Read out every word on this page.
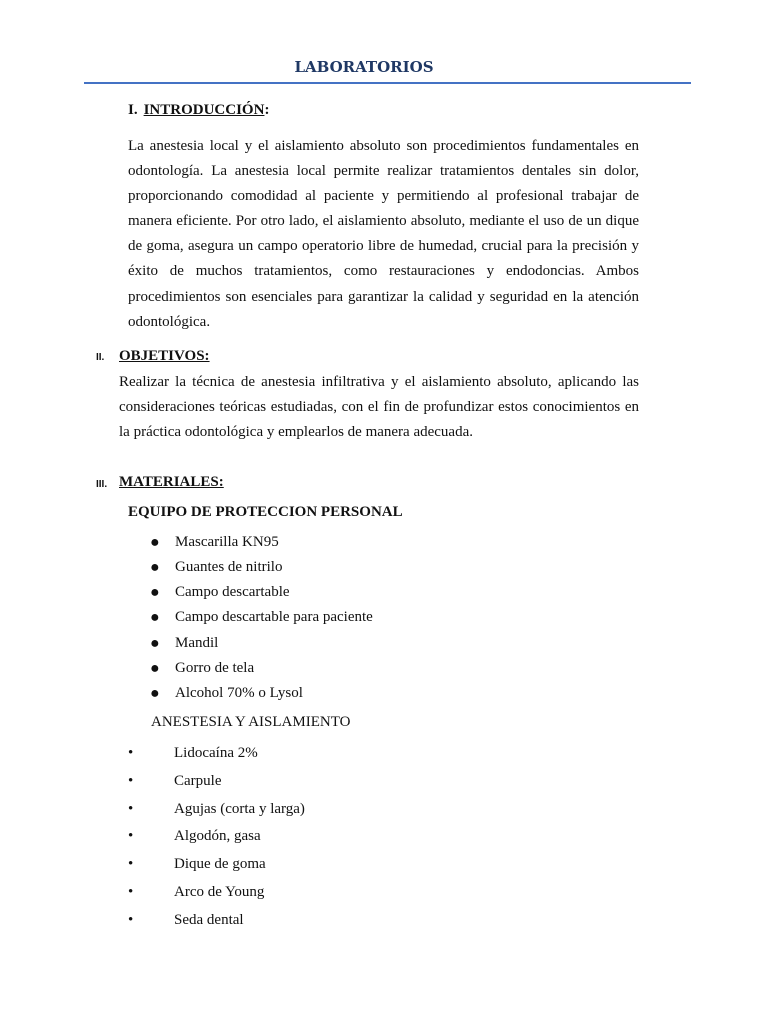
LABORATORIOS
I. INTRODUCCIÓN:
La anestesia local y el aislamiento absoluto son procedimientos fundamentales en odontología. La anestesia local permite realizar tratamientos dentales sin dolor, proporcionando comodidad al paciente y permitiendo al profesional trabajar de manera eficiente. Por otro lado, el aislamiento absoluto, mediante el uso de un dique de goma, asegura un campo operatorio libre de humedad, crucial para la precisión y éxito de muchos tratamientos, como restauraciones y endodoncias. Ambos procedimientos son esenciales para garantizar la calidad y seguridad en la atención odontológica.
II. OBJETIVOS:
Realizar la técnica de anestesia infiltrativa y el aislamiento absoluto, aplicando las consideraciones teóricas estudiadas, con el fin de profundizar estos conocimientos en la práctica odontológica y emplearlos de manera adecuada.
III. MATERIALES:
EQUIPO DE PROTECCION PERSONAL
● Mascarilla KN95
● Guantes de nitrilo
● Campo descartable
● Campo descartable para paciente
● Mandil
● Gorro de tela
● Alcohol 70% o Lysol
ANESTESIA Y AISLAMIENTO
•	Lidocaína 2%
•	Carpule
•	Agujas (corta y larga)
•	Algodón, gasa
•	Dique de goma
•	Arco de Young
•	Seda dental
